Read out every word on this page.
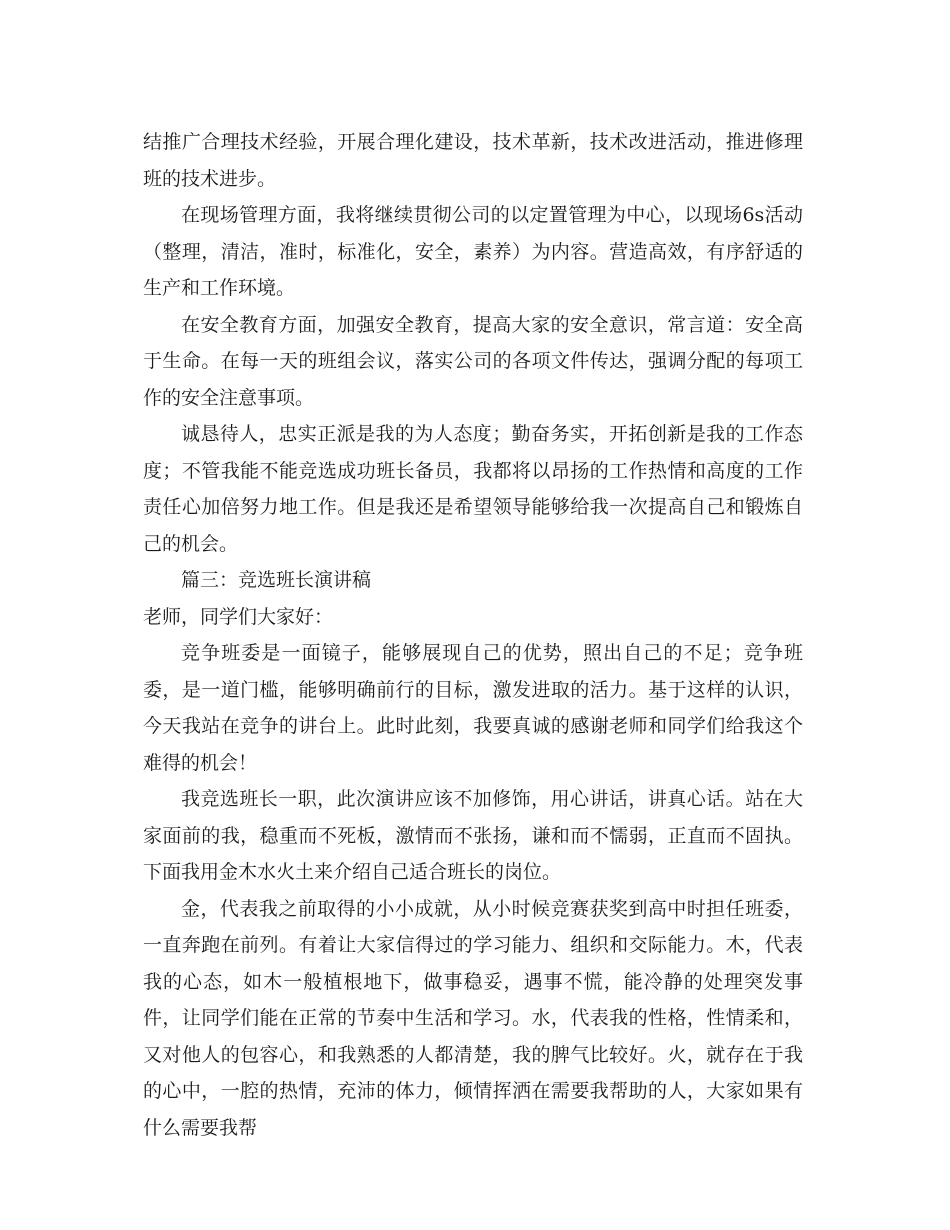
结推广合理技术经验，开展合理化建设，技术革新，技术改进活动，推进修理班的技术进步。

在现场管理方面，我将继续贯彻公司的以定置管理为中心，以现场6s活动（整理，清洁，准时，标准化，安全，素养）为内容。营造高效，有序舒适的生产和工作环境。

在安全教育方面，加强安全教育，提高大家的安全意识，常言道：安全高于生命。在每一天的班组会议，落实公司的各项文件传达，强调分配的每项工作的安全注意事项。

诚恳待人，忠实正派是我的为人态度；勤奋务实，开拓创新是我的工作态度；不管我能不能竞选成功班长备员，我都将以昂扬的工作热情和高度的工作责任心加倍努力地工作。但是我还是希望领导能够给我一次提高自己和锻炼自己的机会。

篇三：竞选班长演讲稿

老师，同学们大家好：

竞争班委是一面镜子，能够展现自己的优势，照出自己的不足；竞争班委，是一道门槛，能够明确前行的目标，激发进取的活力。基于这样的认识，今天我站在竞争的讲台上。此时此刻，我要真诚的感谢老师和同学们给我这个难得的机会！

我竞选班长一职，此次演讲应该不加修饰，用心讲话，讲真心话。站在大家面前的我，稳重而不死板，激情而不张扬，谦和而不懦弱，正直而不固执。下面我用金木水火土来介绍自己适合班长的岗位。

金，代表我之前取得的小小成就，从小时候竞赛获奖到高中时担任班委，一直奔跑在前列。有着让大家信得过的学习能力、组织和交际能力。木，代表我的心态，如木一般植根地下，做事稳妥，遇事不慌，能冷静的处理突发事件，让同学们能在正常的节奏中生活和学习。水，代表我的性格，性情柔和，又对他人的包容心，和我熟悉的人都清楚，我的脾气比较好。火，就存在于我的心中，一腔的热情，充沛的体力，倾情挥洒在需要我帮助的人，大家如果有什么需要我帮
